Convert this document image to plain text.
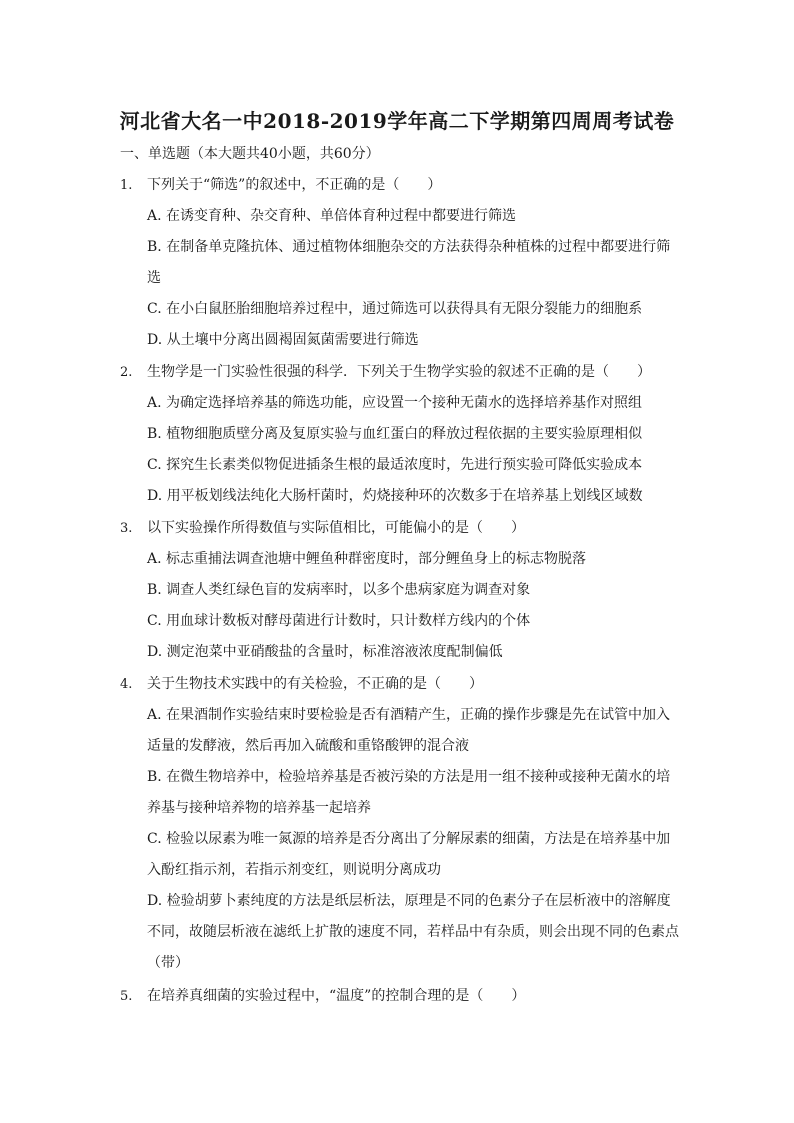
河北省大名一中2018-2019学年高二下学期第四周周考试卷
一、单选题（本大题共40小题，共60分）
1. 下列关于“筛选”的叙述中，不正确的是（　　）
A. 在诱变育种、杂交育种、单倍体育种过程中都要进行筛选
B. 在制备单克隆抗体、通过植物体细胞杂交的方法获得杂种植株的过程中都要进行筛
选
C. 在小白鼠胚胎细胞培养过程中，通过筛选可以获得具有无限分裂能力的细胞系
D. 从土壤中分离出圆褐固氮菌需要进行筛选
2. 生物学是一门实验性很强的科学．下列关于生物学实验的叙述不正确的是（　　）
A. 为确定选择培养基的筛选功能，应设置一个接种无菌水的选择培养基作对照组
B. 植物细胞质壁分离及复原实验与血红蛋白的释放过程依据的主要实验原理相似
C. 探究生长素类似物促进插条生根的最适浓度时，先进行预实验可降低实验成本
D. 用平板划线法纯化大肠杆菌时，灼烧接种环的次数多于在培养基上划线区域数
3. 以下实验操作所得数值与实际值相比，可能偏小的是（　　）
A. 标志重捕法调查池塘中鲤鱼种群密度时，部分鲤鱼身上的标志物脱落
B. 调查人类红绿色盲的发病率时，以多个患病家庭为调查对象
C. 用血球计数板对酵母菌进行计数时，只计数样方线内的个体
D. 测定泡菜中亚硝酸盐的含量时，标准溶液浓度配制偏低
4. 关于生物技术实践中的有关检验，不正确的是（　　）
A. 在果酒制作实验结束时要检验是否有酒精产生，正确的操作步骤是先在试管中加入
适量的发酵液，然后再加入硫酸和重铬酸钾的混合液
B. 在微生物培养中，检验培养基是否被污染的方法是用一组不接种或接种无菌水的培
养基与接种培养物的培养基一起培养
C. 检验以尿素为唯一氮源的培养是否分离出了分解尿素的细菌，方法是在培养基中加
入酚红指示剂，若指示剂变红，则说明分离成功
D. 检验胡萝卜素纯度的方法是纸层析法，原理是不同的色素分子在层析液中的溶解度
不同，故随层析液在滤纸上扩散的速度不同，若样品中有杂质，则会出现不同的色素点
（带）
5. 在培养真细菌的实验过程中，“温度”的控制合理的是（　　）
